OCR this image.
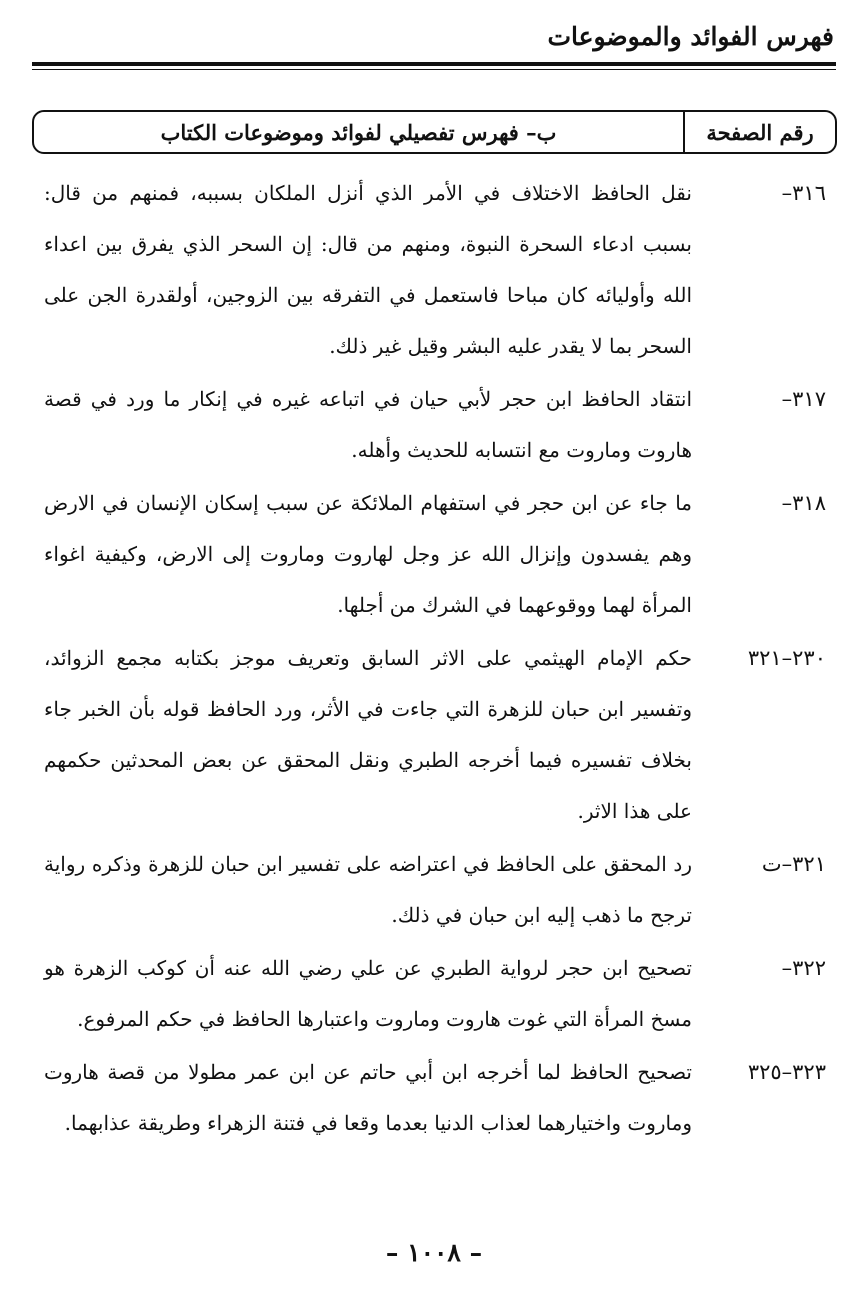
فهرس الفوائد والموضوعات
رقم الصفحة
ب– فهرس تفصيلي لفوائد وموضوعات الكتاب
٣١٦–
نقل الحافظ الاختلاف في الأمر الذي أنزل الملكان بسببه، فمنهم من قال: بسبب ادعاء السحرة النبوة، ومنهم من قال: إن السحر الذي يفرق بين اعداء الله وأوليائه كان مباحا فاستعمل في التفرقه بين الزوجين، أولقدرة الجن على السحر بما لا يقدر عليه البشر وقيل غير ذلك.
٣١٧–
انتقاد الحافظ ابن حجر لأبي حيان في اتباعه غيره في إنكار ما ورد في قصة هاروت وماروت مع انتسابه للحديث وأهله.
٣١٨–
ما جاء عن ابن حجر في استفهام الملائكة عن سبب إسكان الإنسان في الارض وهم يفسدون وإنزال الله عز وجل لهاروت وماروت إلى الارض، وكيفية اغواء المرأة لهما ووقوعهما في الشرك من أجلها.
٢٣٠–٣٢١
حكم الإمام الهيثمي على الاثر السابق وتعريف موجز بكتابه مجمع الزوائد، وتفسير ابن حبان للزهرة التي جاءت في الأثر، ورد الحافظ قوله بأن الخبر جاء بخلاف تفسيره فيما أخرجه الطبري ونقل المحقق عن بعض المحدثين حكمهم على هذا الاثر.
٣٢١–ت
رد المحقق على الحافظ في اعتراضه على تفسير ابن حبان للزهرة وذكره رواية ترجح ما ذهب إليه ابن حبان في ذلك.
٣٢٢–
تصحيح ابن حجر لرواية الطبري عن علي رضي الله عنه أن كوكب الزهرة هو مسخ المرأة التي غوت هاروت وماروت واعتبارها الحافظ في حكم المرفوع.
٣٢٣–٣٢٥
تصحيح الحافظ لما أخرجه ابن أبي حاتم عن ابن عمر مطولا من قصة هاروت وماروت واختيارهما لعذاب الدنيا بعدما وقعا في فتنة الزهراء وطريقة عذابهما.
– ١٠٠٨ –
